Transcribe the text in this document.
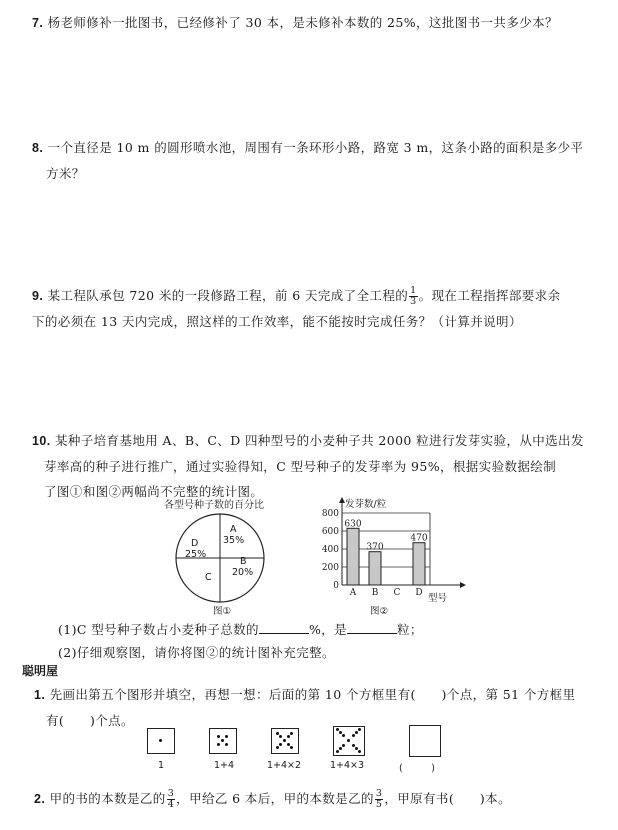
7. 杨老师修补一批图书，已经修补了 30 本，是未修补本数的 25%，这批图书一共多少本？
8. 一个直径是 10 m 的圆形喷水池，周围有一条环形小路，路宽 3 m，这条小路的面积是多少平
方米？
9. 某工程队承包 720 米的一段修路工程，前 6 天完成了全工程的 $\frac{1}{3}$ 。现在工程指挥部要求余
下的必须在 13 天内完成，照这样的工作效率，能不能按时完成任务？（计算并说明）
10. 某种子培育基地用 A、B、C、D 四种型号的小麦种子共 2000 粒进行发芽实验，从中选出发
芽率高的种子进行推广，通过实验得知，C 型号种子的发芽率为 95%，根据实验数据绘制
了图①和图②两幅尚不完整的统计图。
各型号种子数的百分比
A
35%
B
20%
C
D
25%
图①
0
200
400
600
800
630
A
370
B C
470
D
发芽数/粒
型号
图②
(1)C 型号种子数占小麦种子总数的	%，是	粒；
(2)仔细观察图，请你将图②的统计图补充完整。
聪明屋
1. 先画出第五个图形并填空，再想一想：后面的第 10 个方框里有(　　)个点，第 51 个方框里
有(　　)个点。
1	1+4	1+4×2	1+4×3	(　　　)
2. 甲的书的本数是乙的 $\frac{3}{4}$ ，甲给乙 6 本后，甲的本数是乙的 $\frac{3}{5}$ ，甲原有书(　　)本。
